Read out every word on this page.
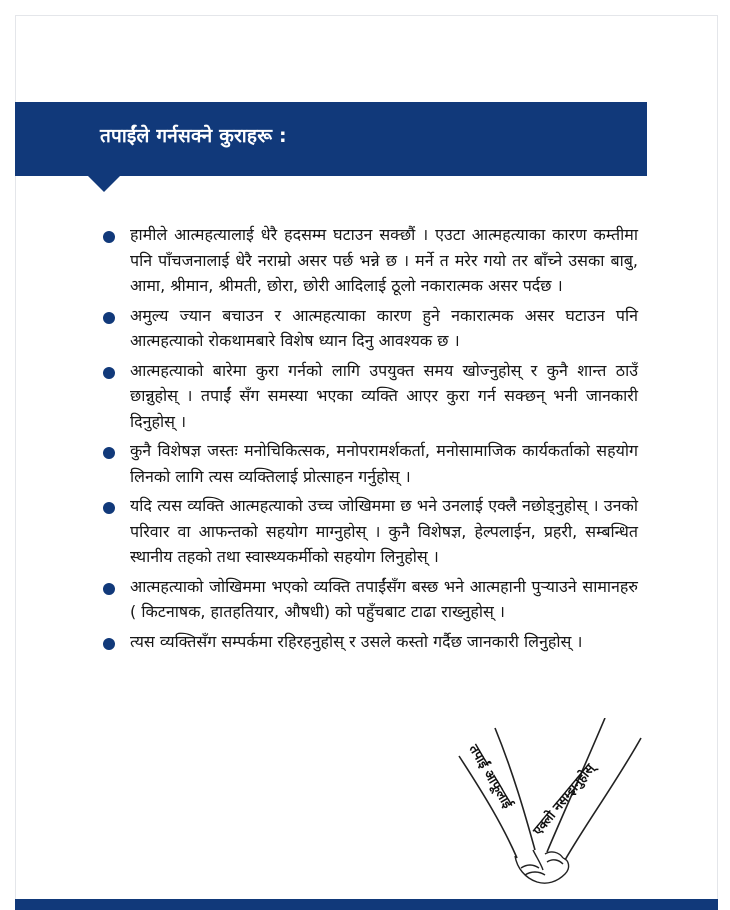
तपाईंले गर्नसक्ने कुराहरू :
हामीले आत्महत्यालाई धेरै हदसम्म घटाउन सक्छौं । एउटा आत्महत्याका कारण कम्तीमा पनि पाँचजनालाई धेरै नराम्रो असर पर्छ भन्ने छ । मर्ने त मरेर गयो तर बाँच्ने उसका बाबु, आमा, श्रीमान, श्रीमती, छोरा, छोरी आदिलाई ठूलो नकारात्मक असर पर्दछ ।
अमुल्य ज्यान बचाउन र आत्महत्याका कारण हुने नकारात्मक असर घटाउन पनि आत्महत्याको रोकथामबारे विशेष ध्यान दिनु आवश्यक छ ।
आत्महत्याको बारेमा कुरा गर्नको लागि उपयुक्त समय खोज्नुहोस् र कुनै शान्त ठाउँ छान्नुहोस् । तपाईं सँग समस्या भएका व्यक्ति आएर कुरा गर्न सक्छन् भनी जानकारी दिनुहोस् ।
कुनै विशेषज्ञ जस्तः मनोचिकित्सक, मनोपरामर्शकर्ता, मनोसामाजिक कार्यकर्ताको सहयोग लिनको लागि त्यस व्यक्तिलाई प्रोत्साहन गर्नुहोस् ।
यदि त्यस व्यक्ति आत्महत्याको उच्च जोखिममा छ भने उनलाई एक्लै नछोड्नुहोस् । उनको परिवार वा आफन्तको सहयोग माग्नुहोस् । कुनै विशेषज्ञ, हेल्पलाईन, प्रहरी, सम्बन्धित स्थानीय तहको तथा स्वास्थ्यकर्मीको सहयोग लिनुहोस् ।
आत्महत्याको जोखिममा भएको व्यक्ति तपाईंसँग बस्छ भने आत्महानी पुऱ्याउने सामानहरु ( किटनाषक, हातहतियार, औषधी) को पहुँचबाट टाढा राख्नुहोस् ।
त्यस व्यक्तिसँग सम्पर्कमा रहिरहनुहोस् र उसले कस्तो गर्दैछ जानकारी लिनुहोस् ।
तपाईं आफूलाई
एक्लो नसम्झनुहोस्
